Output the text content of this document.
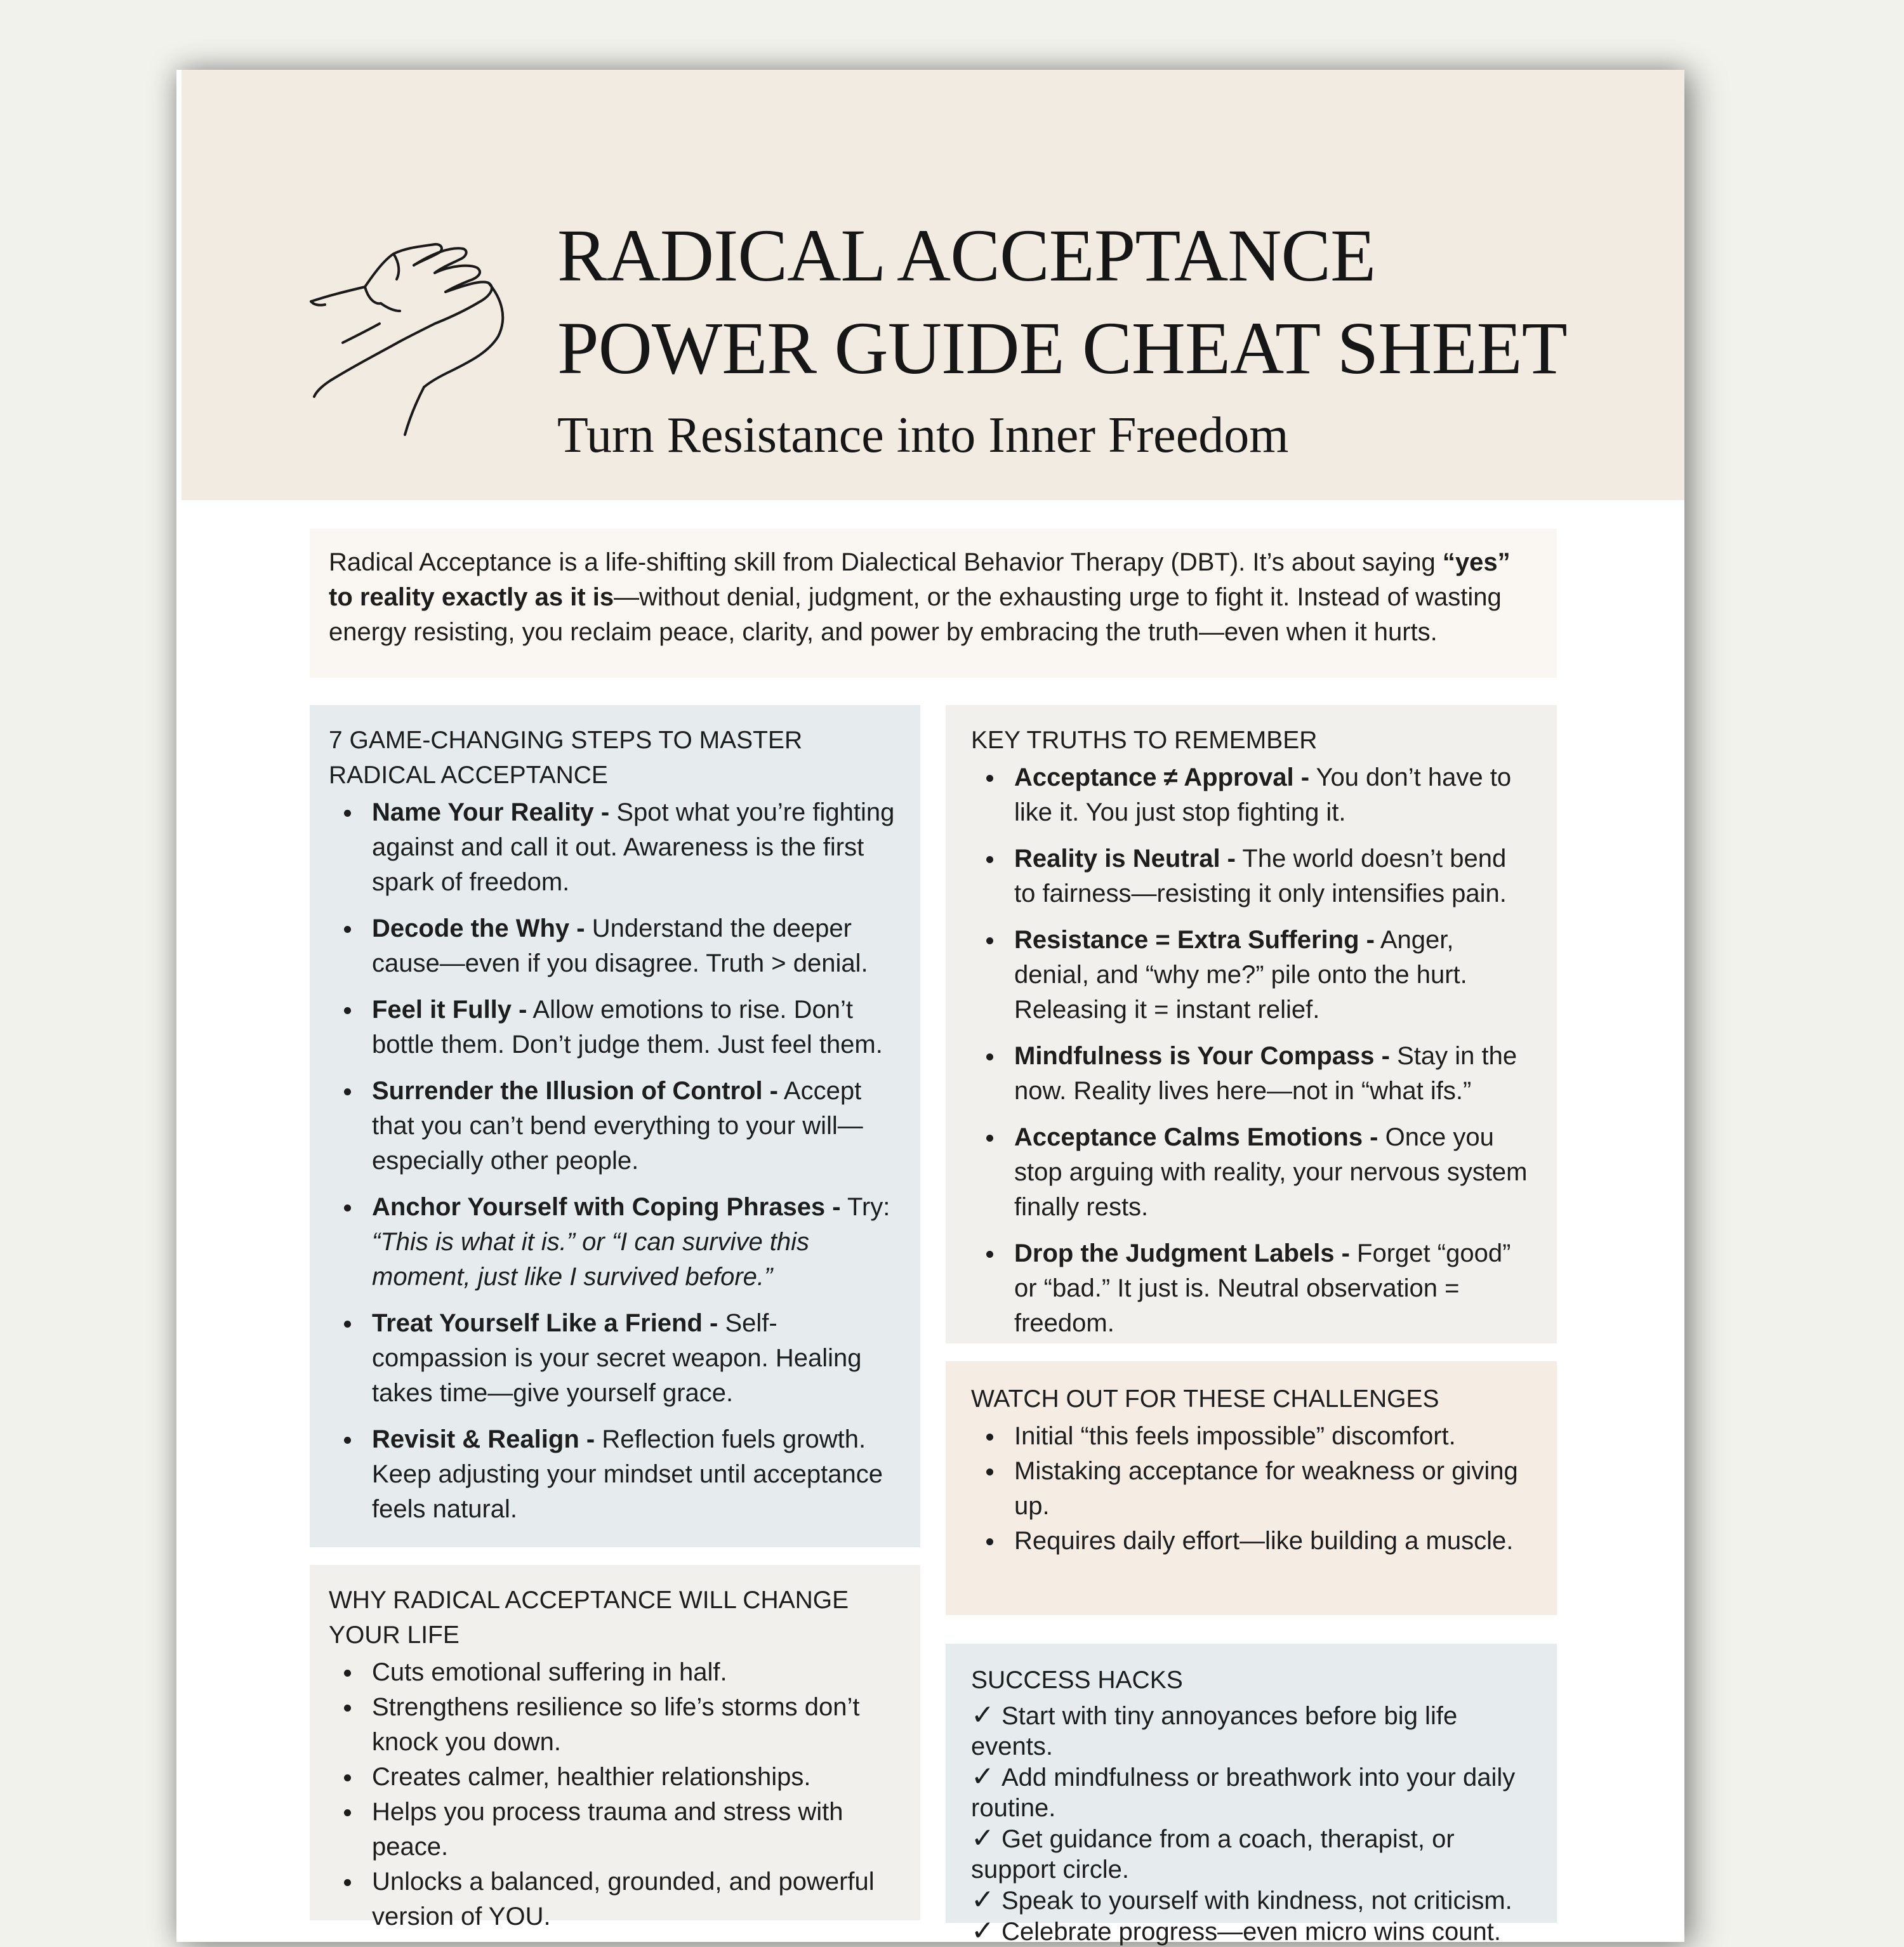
RADICAL ACCEPTANCE
POWER GUIDE CHEAT SHEET
Turn Resistance into Inner Freedom
Radical Acceptance is a life-shifting skill from Dialectical Behavior Therapy (DBT). It’s about saying “yes” to reality exactly as it is—without denial, judgment, or the exhausting urge to fight it. Instead of wasting energy resisting, you reclaim peace, clarity, and power by embracing the truth—even when it hurts.
7 GAME-CHANGING STEPS TO MASTER RADICAL ACCEPTANCE
Name Your Reality - Spot what you’re fighting against and call it out. Awareness is the first spark of freedom.
Decode the Why - Understand the deeper cause—even if you disagree. Truth > denial.
Feel it Fully - Allow emotions to rise. Don’t bottle them. Don’t judge them. Just feel them.
Surrender the Illusion of Control - Accept that you can’t bend everything to your will—especially other people.
Anchor Yourself with Coping Phrases - Try: “This is what it is.” or “I can survive this moment, just like I survived before.”
Treat Yourself Like a Friend - Self-compassion is your secret weapon. Healing takes time—give yourself grace.
Revisit & Realign - Reflection fuels growth. Keep adjusting your mindset until acceptance feels natural.
WHY RADICAL ACCEPTANCE WILL CHANGE YOUR LIFE
Cuts emotional suffering in half.
Strengthens resilience so life’s storms don’t knock you down.
Creates calmer, healthier relationships.
Helps you process trauma and stress with peace.
Unlocks a balanced, grounded, and powerful version of YOU.
KEY TRUTHS TO REMEMBER
Acceptance ≠ Approval - You don’t have to like it. You just stop fighting it.
Reality is Neutral - The world doesn’t bend to fairness—resisting it only intensifies pain.
Resistance = Extra Suffering - Anger, denial, and “why me?” pile onto the hurt. Releasing it = instant relief.
Mindfulness is Your Compass - Stay in the now. Reality lives here—not in “what ifs.”
Acceptance Calms Emotions - Once you stop arguing with reality, your nervous system finally rests.
Drop the Judgment Labels - Forget “good” or “bad.” It just is. Neutral observation = freedom.
WATCH OUT FOR THESE CHALLENGES
Initial “this feels impossible” discomfort.
Mistaking acceptance for weakness or giving up.
Requires daily effort—like building a muscle.
SUCCESS HACKS
✓ Start with tiny annoyances before big life events.
✓ Add mindfulness or breathwork into your daily routine.
✓ Get guidance from a coach, therapist, or support circle.
✓ Speak to yourself with kindness, not criticism.
✓ Celebrate progress—even micro wins count.
